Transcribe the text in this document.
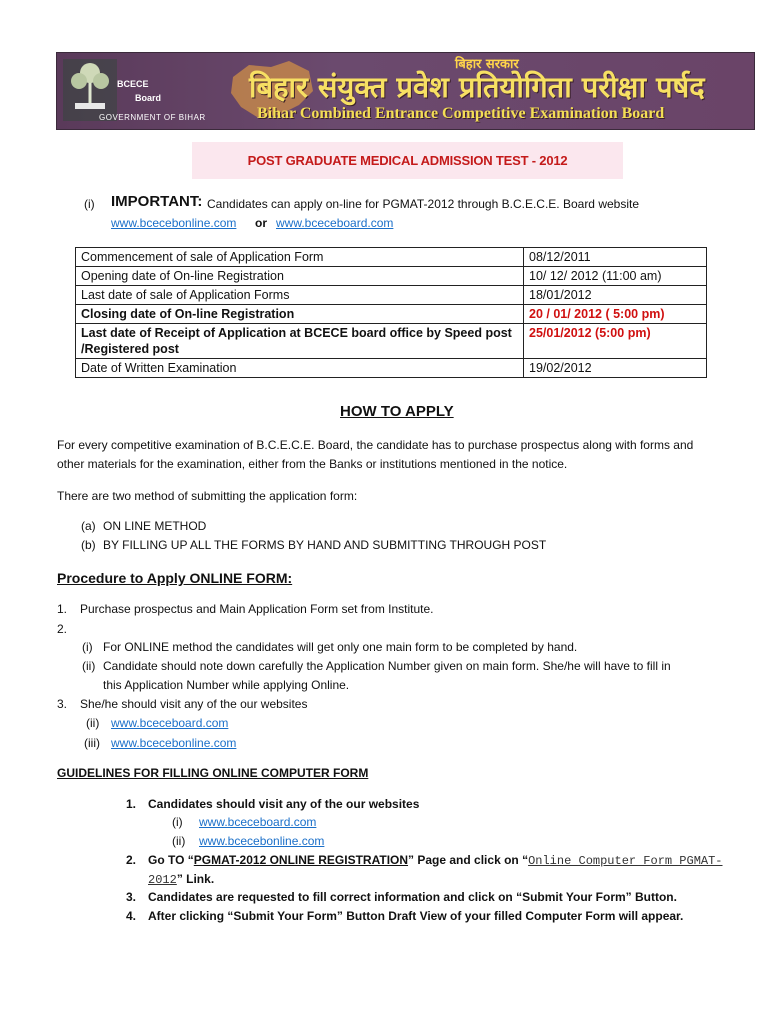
BCECE
Board
GOVERNMENT OF BIHAR
बिहार सरकार
बिहार संयुक्त प्रवेश प्रतियोगिता परीक्षा पर्षद
Bihar Combined Entrance Competitive Examination Board
POST GRADUATE MEDICAL ADMISSION TEST - 2012
(i) IMPORTANT: Candidates can apply on-line for PGMAT-2012 through B.C.E.C.E. Board website
www.bcecebonline.com or www.bceceboard.com
Commencement of sale of Application Form	08/12/2011
Opening date of On-line Registration	10/ 12/ 2012 (11:00 am)
Last date of sale of Application Forms	18/01/2012
Closing date of On-line Registration	20 / 01/ 2012 ( 5:00 pm)
Last date of Receipt of Application at BCECE board office by Speed post /Registered post	25/01/2012 (5:00 pm)
Date of Written Examination	19/02/2012
HOW TO APPLY
For every competitive examination of B.C.E.C.E. Board, the candidate has to purchase prospectus along with forms and
other materials for the examination, either from the Banks or institutions mentioned in the notice.
There are two method of submitting the application form:
(a) ON LINE METHOD
(b) BY FILLING UP ALL THE FORMS BY HAND AND SUBMITTING THROUGH POST
Procedure to Apply ONLINE FORM:
1. Purchase prospectus and Main Application Form set from Institute.
2.
(i) For ONLINE method the candidates will get only one main form to be completed by hand.
(ii) Candidate should note down carefully the Application Number given on main form. She/he will have to fill in
this Application Number while applying Online.
3. She/he should visit any of the our websites
(ii) www.bceceboard.com
(iii) www.bcecebonline.com
GUIDELINES FOR FILLING ONLINE COMPUTER FORM
1. Candidates should visit any of the our websites
(i) www.bceceboard.com
(ii) www.bcecebonline.com
2. Go TO “PGMAT-2012 ONLINE REGISTRATION” Page and click on “Online Computer Form PGMAT-
2012” Link.
3. Candidates are requested to fill correct information and click on “Submit Your Form” Button.
4. After clicking “Submit Your Form” Button Draft View of your filled Computer Form will appear.
